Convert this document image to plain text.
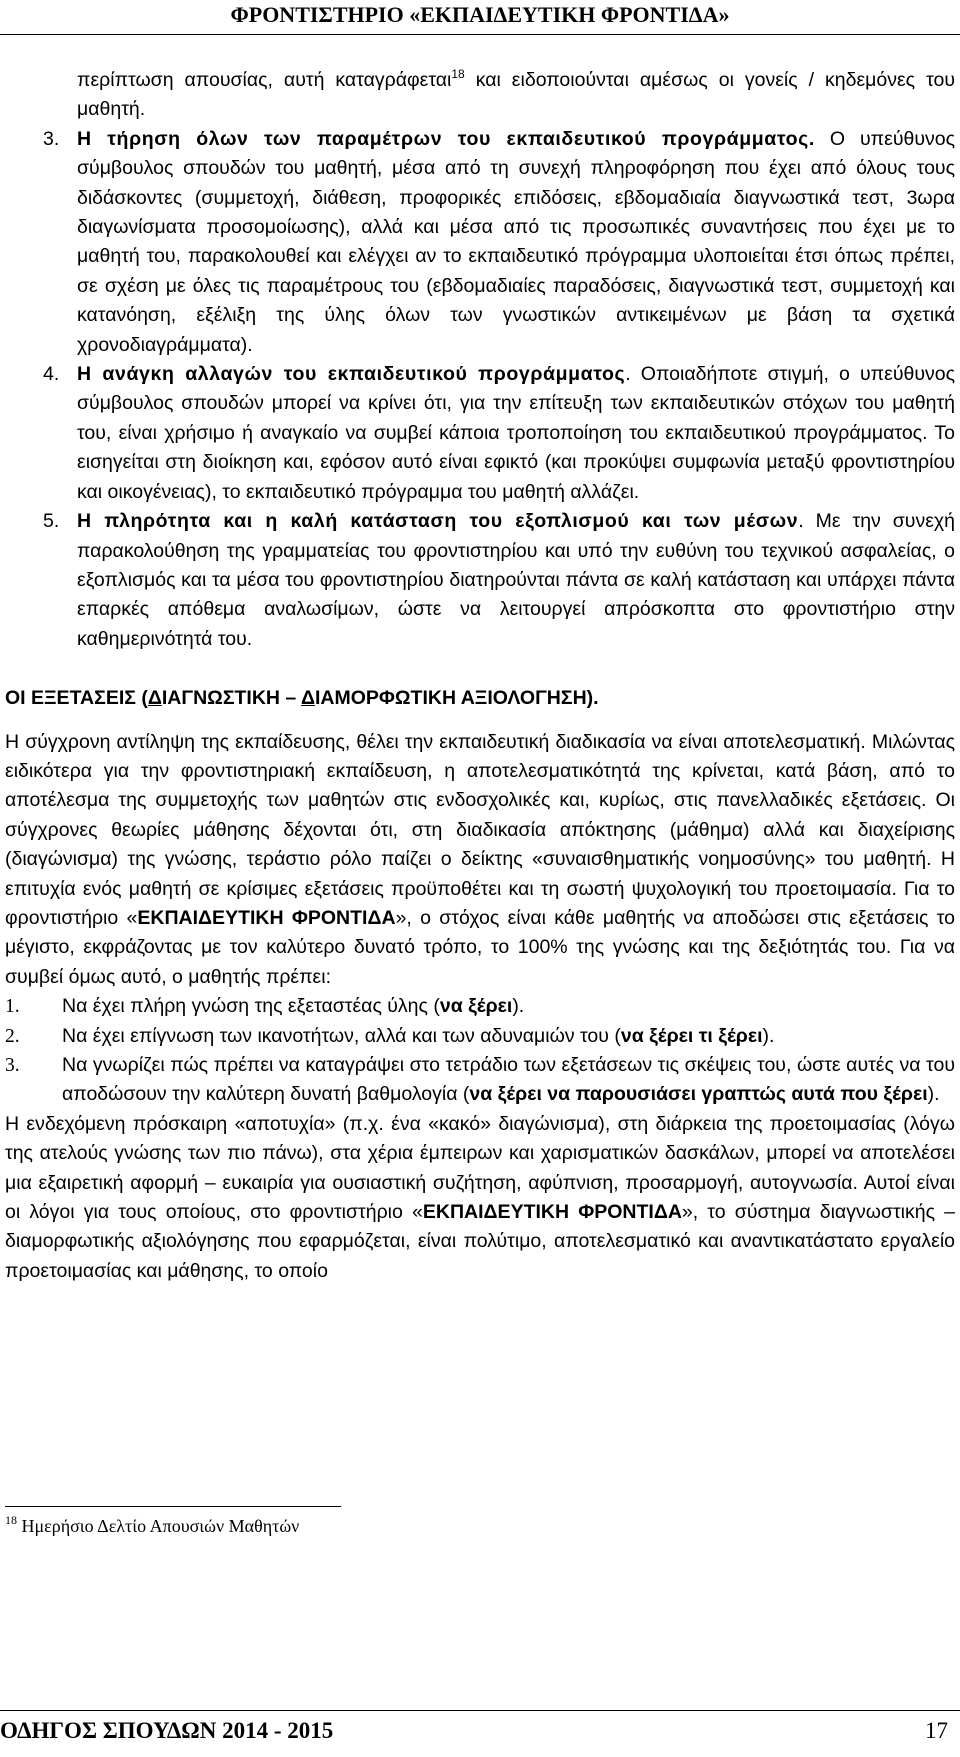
ΦΡΟΝΤΙΣΤΗΡΙΟ «ΕΚΠΑΙΔΕΥΤΙΚΗ ΦΡΟΝΤΙΔΑ»

περίπτωση απουσίας, αυτή καταγράφεται$^{18}$ και ειδοποιούνται αμέσως οι γονείς / κηδεμόνες του μαθητή.

3. Η τήρηση όλων των παραμέτρων του εκπαιδευτικού προγράμματος. Ο υπεύθυνος σύμβουλος σπουδών του μαθητή, μέσα από τη συνεχή πληροφόρηση που έχει από όλους τους διδάσκοντες (συμμετοχή, διάθεση, προφορικές επιδόσεις, εβδομαδιαία διαγνωστικά τεστ, 3ωρα διαγωνίσματα προσομοίωσης), αλλά και μέσα από τις προσωπικές συναντήσεις που έχει με το μαθητή του, παρακολουθεί και ελέγχει αν το εκπαιδευτικό πρόγραμμα υλοποιείται έτσι όπως πρέπει, σε σχέση με όλες τις παραμέτρους του (εβδομαδιαίες παραδόσεις, διαγνωστικά τεστ, συμμετοχή και κατανόηση, εξέλιξη της ύλης όλων των γνωστικών αντικειμένων με βάση τα σχετικά χρονοδιαγράμματα).

4. Η ανάγκη αλλαγών του εκπαιδευτικού προγράμματος. Οποιαδήποτε στιγμή, ο υπεύθυνος σύμβουλος σπουδών μπορεί να κρίνει ότι, για την επίτευξη των εκπαιδευτικών στόχων του μαθητή του, είναι χρήσιμο ή αναγκαίο να συμβεί κάποια τροποποίηση του εκπαιδευτικού προγράμματος. Το εισηγείται στη διοίκηση και, εφόσον αυτό είναι εφικτό (και προκύψει συμφωνία μεταξύ φροντιστηρίου και οικογένειας), το εκπαιδευτικό πρόγραμμα του μαθητή αλλάζει.

5. Η πληρότητα και η καλή κατάσταση του εξοπλισμού και των μέσων. Με την συνεχή παρακολούθηση της γραμματείας του φροντιστηρίου και υπό την ευθύνη του τεχνικού ασφαλείας, ο εξοπλισμός και τα μέσα του φροντιστηρίου διατηρούνται πάντα σε καλή κατάσταση και υπάρχει πάντα επαρκές απόθεμα αναλωσίμων, ώστε να λειτουργεί απρόσκοπτα στο φροντιστήριο στην καθημερινότητά του.

ΟΙ ΕΞΕΤΑΣΕΙΣ (ΔΙΑΓΝΩΣΤΙΚΗ – ΔΙΑΜΟΡΦΩΤΙΚΗ ΑΞΙΟΛΟΓΗΣΗ).

Η σύγχρονη αντίληψη της εκπαίδευσης, θέλει την εκπαιδευτική διαδικασία να είναι αποτελεσματική. Μιλώντας ειδικότερα για την φροντιστηριακή εκπαίδευση, η αποτελεσματικότητά της κρίνεται, κατά βάση, από το αποτέλεσμα της συμμετοχής των μαθητών στις ενδοσχολικές και, κυρίως, στις πανελλαδικές εξετάσεις. Οι σύγχρονες θεωρίες μάθησης δέχονται ότι, στη διαδικασία απόκτησης (μάθημα) αλλά και διαχείρισης (διαγώνισμα) της γνώσης, τεράστιο ρόλο παίζει ο δείκτης «συναισθηματικής νοημοσύνης» του μαθητή. Η επιτυχία ενός μαθητή σε κρίσιμες εξετάσεις προϋποθέτει και τη σωστή ψυχολογική του προετοιμασία. Για το φροντιστήριο «ΕΚΠΑΙΔΕΥΤΙΚΗ ΦΡΟΝΤΙΔΑ», ο στόχος είναι κάθε μαθητής να αποδώσει στις εξετάσεις το μέγιστο, εκφράζοντας με τον καλύτερο δυνατό τρόπο, το 100% της γνώσης και της δεξιότητάς του. Για να συμβεί όμως αυτό, ο μαθητής πρέπει:

1. Να έχει πλήρη γνώση της εξεταστέας ύλης (να ξέρει).

2. Να έχει επίγνωση των ικανοτήτων, αλλά και των αδυναμιών του (να ξέρει τι ξέρει).

3. Να γνωρίζει πώς πρέπει να καταγράψει στο τετράδιο των εξετάσεων τις σκέψεις του, ώστε αυτές να του αποδώσουν την καλύτερη δυνατή βαθμολογία (να ξέρει να παρουσιάσει γραπτώς αυτά που ξέρει).

Η ενδεχόμενη πρόσκαιρη «αποτυχία» (π.χ. ένα «κακό» διαγώνισμα), στη διάρκεια της προετοιμασίας (λόγω της ατελούς γνώσης των πιο πάνω), στα χέρια έμπειρων και χαρισματικών δασκάλων, μπορεί να αποτελέσει μια εξαιρετική αφορμή – ευκαιρία για ουσιαστική συζήτηση, αφύπνιση, προσαρμογή, αυτογνωσία. Αυτοί είναι οι λόγοι για τους οποίους, στο φροντιστήριο «ΕΚΠΑΙΔΕΥΤΙΚΗ ΦΡΟΝΤΙΔΑ», το σύστημα διαγνωστικής – διαμορφωτικής αξιολόγησης που εφαρμόζεται, είναι πολύτιμο, αποτελεσματικό και αναντικατάστατο εργαλείο προετοιμασίας και μάθησης, το οποίο

$^{18}$ Ημερήσιο Δελτίο Απουσιών Μαθητών
ΟΔΗΓΟΣ ΣΠΟΥΔΩΝ 2014 - 2015	17
